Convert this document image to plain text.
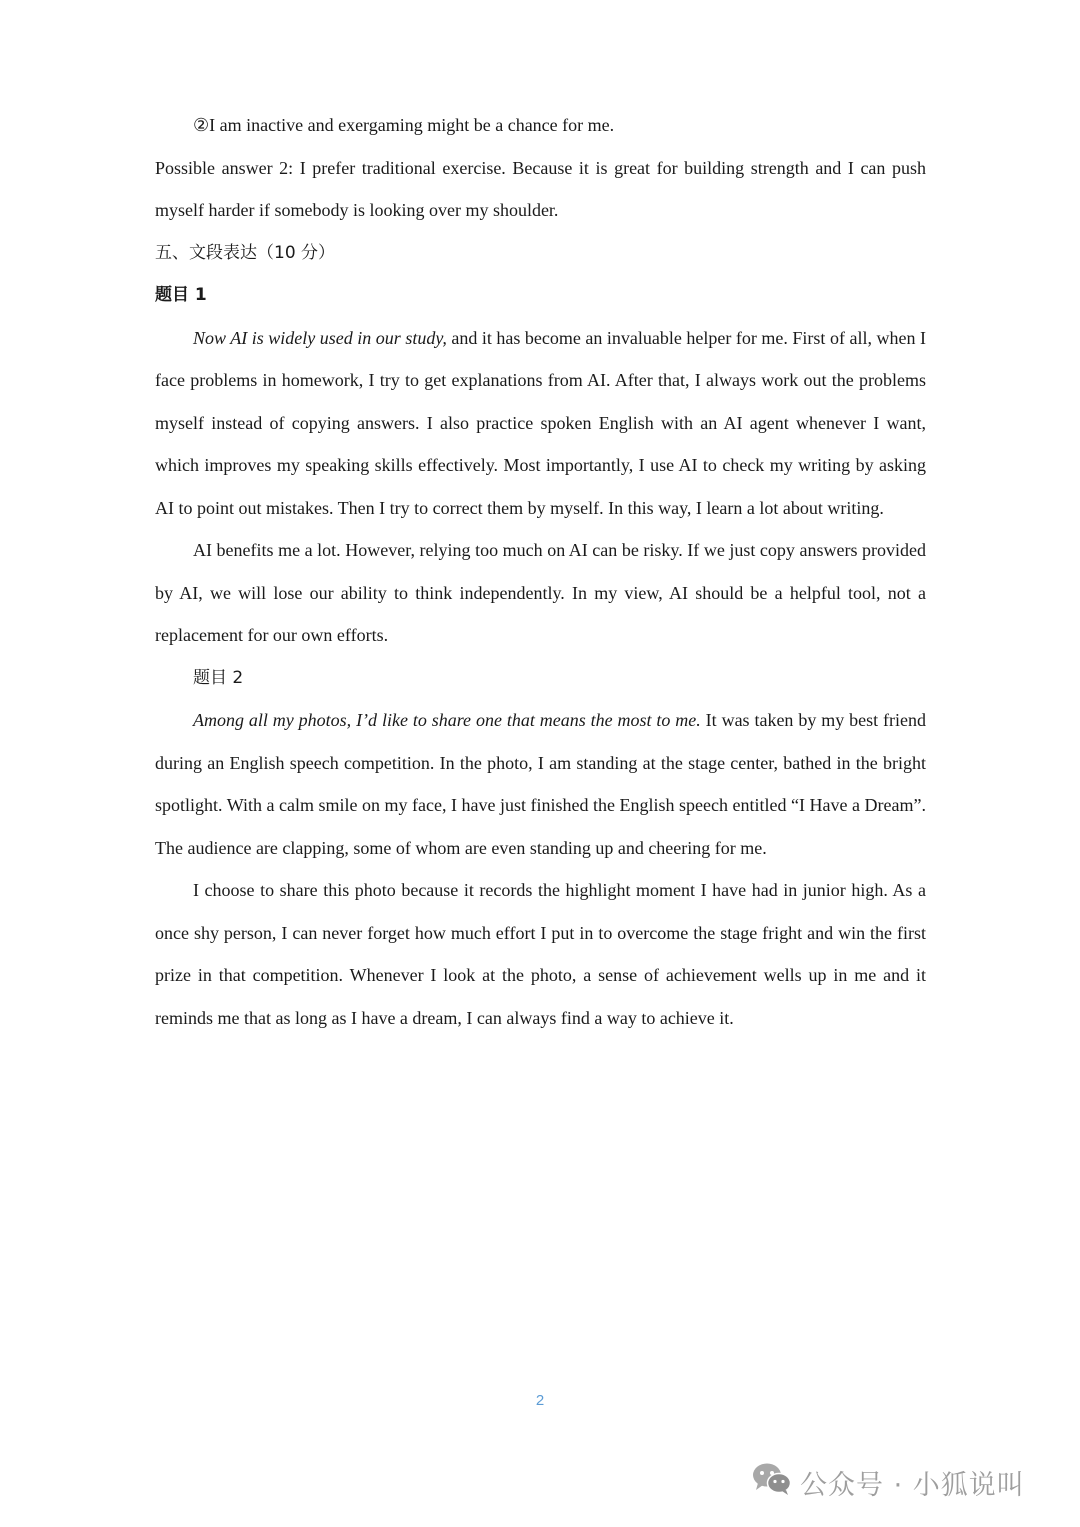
②I am inactive and exergaming might be a chance for me.

Possible answer 2: I prefer traditional exercise. Because it is great for building strength and I can push myself harder if somebody is looking over my shoulder.

五、文段表达（10 分）

题目 1

Now AI is widely used in our study, and it has become an invaluable helper for me. First of all, when I face problems in homework, I try to get explanations from AI. After that, I always work out the problems myself instead of copying answers. I also practice spoken English with an AI agent whenever I want, which improves my speaking skills effectively. Most importantly, I use AI to check my writing by asking AI to point out mistakes. Then I try to correct them by myself. In this way, I learn a lot about writing.

AI benefits me a lot. However, relying too much on AI can be risky. If we just copy answers provided by AI, we will lose our ability to think independently. In my view, AI should be a helpful tool, not a replacement for our own efforts.

题目 2

Among all my photos, I’d like to share one that means the most to me. It was taken by my best friend during an English speech competition. In the photo, I am standing at the stage center, bathed in the bright spotlight. With a calm smile on my face, I have just finished the English speech entitled “I Have a Dream”. The audience are clapping, some of whom are even standing up and cheering for me.

I choose to share this photo because it records the highlight moment I have had in junior high. As a once shy person, I can never forget how much effort I put in to overcome the stage fright and win the first prize in that competition. Whenever I look at the photo, a sense of achievement wells up in me and it reminds me that as long as I have a dream, I can always find a way to achieve it.

2
公众号 · 小狐说叫
